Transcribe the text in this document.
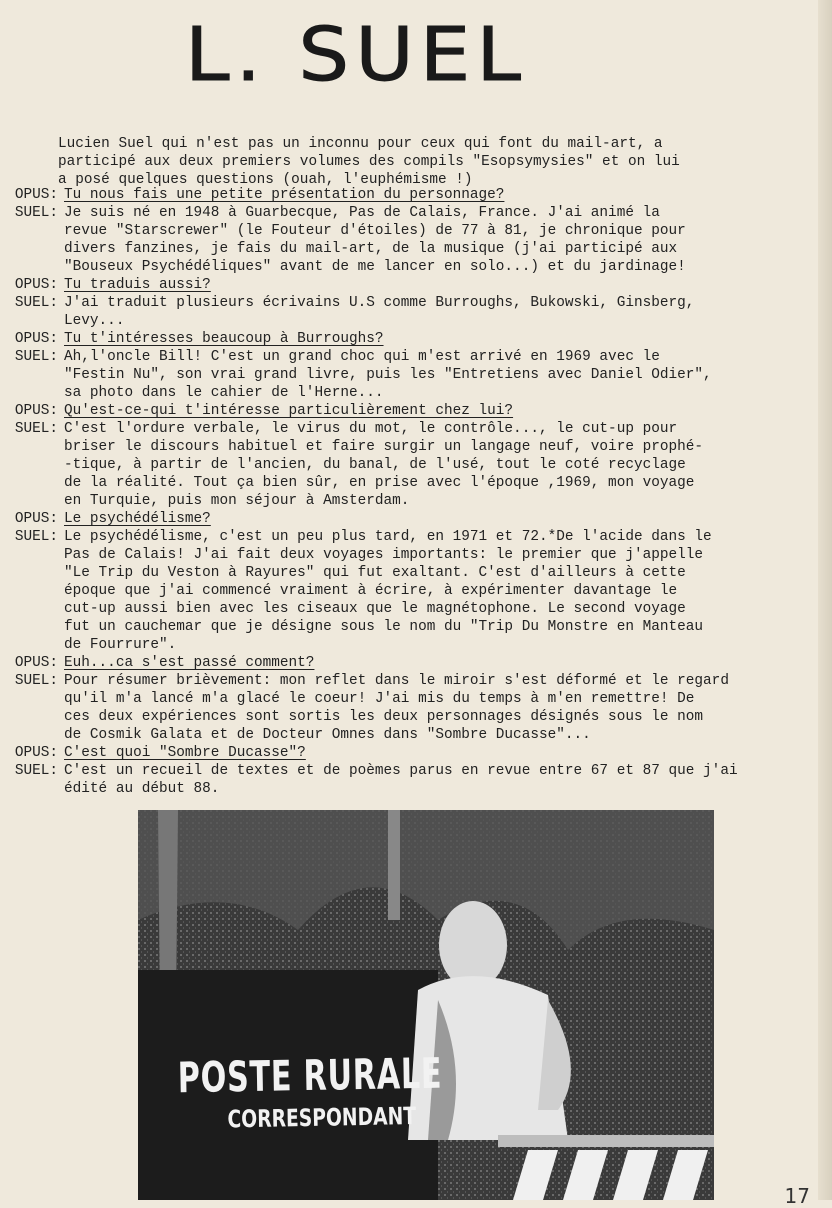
L. SUEL
Lucien Suel qui n'est pas un inconnu pour ceux qui font du mail-art, a
participé aux deux premiers volumes des compils "Esopsymysies" et on lui
a posé quelques questions (ouah, l'euphémisme !)
OPUS: Tu nous fais une petite présentation du personnage?
SUEL: Je suis né en 1948 à Guarbecque, Pas de Calais, France. J'ai animé la
revue "Starscrewer" (le Fouteur d'étoiles) de 77 à 81, je chronique pour
divers fanzines, je fais du mail-art, de la musique (j'ai participé aux
"Bouseux Psychédéliques" avant de me lancer en solo...) et du jardinage!
OPUS: Tu traduis aussi?
SUEL: J'ai traduit plusieurs écrivains U.S comme Burroughs, Bukowski, Ginsberg,
Levy...
OPUS: Tu t'intéresses beaucoup à Burroughs?
SUEL: Ah,l'oncle Bill! C'est un grand choc qui m'est arrivé en 1969 avec le
"Festin Nu", son vrai grand livre, puis les "Entretiens avec Daniel Odier",
sa photo dans le cahier de l'Herne...
OPUS: Qu'est-ce-qui t'intéresse particulièrement chez lui?
SUEL: C'est l'ordure verbale, le virus du mot, le contrôle..., le cut-up pour
briser le discours habituel et faire surgir un langage neuf, voire prophé-
-tique, à partir de l'ancien, du banal, de l'usé, tout le coté recyclage
de la réalité. Tout ça bien sûr, en prise avec l'époque ,1969, mon voyage
en Turquie, puis mon séjour à Amsterdam.
OPUS: Le psychédélisme?
SUEL: Le psychédélisme, c'est un peu plus tard, en 1971 et 72.*De l'acide dans le
Pas de Calais! J'ai fait deux voyages importants: le premier que j'appelle
"Le Trip du Veston à Rayures" qui fut exaltant. C'est d'ailleurs à cette
époque que j'ai commencé vraiment à écrire, à expérimenter davantage le
cut-up aussi bien avec les ciseaux que le magnétophone. Le second voyage
fut un cauchemar que je désigne sous le nom du "Trip Du Monstre en Manteau
de Fourrure".
OPUS: Euh...ca s'est passé comment?
SUEL: Pour résumer brièvement: mon reflet dans le miroir s'est déformé et le regard
qu'il m'a lancé m'a glacé le coeur! J'ai mis du temps à m'en remettre! De
ces deux expériences sont sortis les deux personnages désignés sous le nom
de Cosmik Galata et de Docteur Omnes dans "Sombre Ducasse"...
OPUS: C'est quoi "Sombre Ducasse"?
SUEL: C'est un recueil de textes et de poèmes parus en revue entre 67 et 87 que j'ai
édité au début 88.
POSTE RURALE
CORRESPONDANT
17
